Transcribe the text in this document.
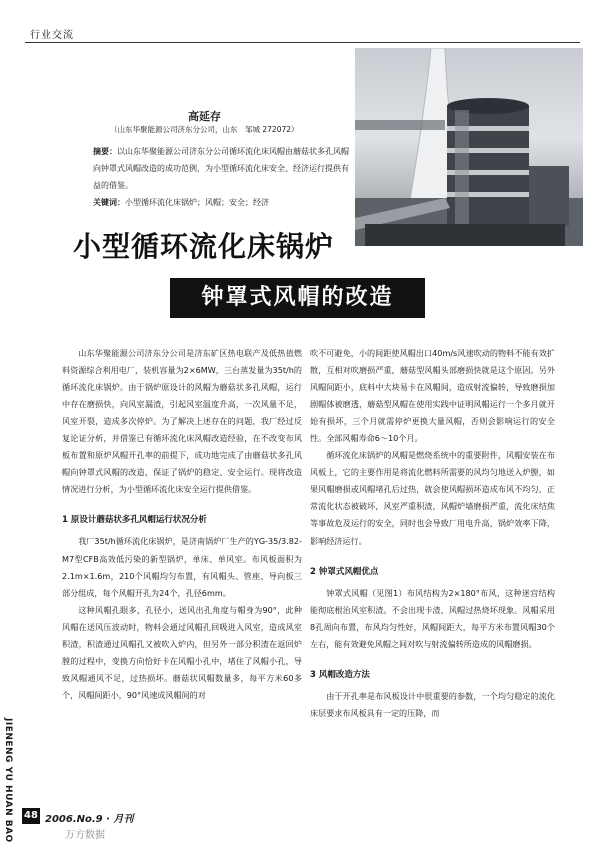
行业交流
高延存
（山东华聚能源公司济东分公司，山东　邹城 272072）
摘要：以山东华聚能源公司济东分公司循环流化床风帽由蘑菇状多孔风帽向钟罩式风帽改造的成功范例，为小型循环流化床安全、经济运行提供有益的借鉴。
关键词：小型循环流化床锅炉；风帽；安全；经济
小型循环流化床锅炉
钟罩式风帽的改造

山东华聚能源公司济东分公司是济东矿区热电联产及低热值燃料资源综合利用电厂，装机容量为2×6MW，三台蒸发量为35t/h的循环流化床锅炉。由于锅炉原设计的风帽为蘑菇状多孔风帽，运行中存在磨损快，向风室漏渣，引起风室温度升高，一次风量不足，风室开裂，造成多次停炉。为了解决上述存在的问题，我厂经过反复论证分析，并借鉴已有循环流化床风帽改造经验，在不改变布风板布置和原炉风帽开孔率的前提下，成功地完成了由蘑菇状多孔风帽向钟罩式风帽的改造，保证了锅炉的稳定、安全运行。现将改造情况进行分析，为小型循环流化床安全运行提供借鉴。

1 原设计蘑菇状多孔风帽运行状况分析

我厂35t/h循环流化床锅炉，是济南锅炉厂生产的YG-35/3.82-M7型CFB高效低污染的新型锅炉，单床、单风室。布风板面积为2.1m×1.6m，210个风帽均匀布置，有风帽头、管座、导向板三部分组成，每个风帽开孔为24个，孔径6mm。

这种风帽孔眼多，孔径小，送风出孔角度与帽身为90°，此种风帽在送风压波动时，物料会通过风帽孔回吸进入风室，造成风室积渣，积渣通过风帽孔又被吹入炉内，但另外一部分积渣在返回炉膛的过程中，变换方向恰好卡在风帽小孔中，堵住了风帽小孔，导致风帽通风不足，过热损坏。蘑菇状风帽数量多，每平方米60多个，风帽间距小，90°风速成风帽间的对

吹不可避免，小的间距使风帽出口40m/s风速吹动的物料不能有效扩散，互相对吹磨损严重，蘑菇型风帽头部磨损快就是这个原因。另外风帽间距小，底料中大块易卡在风帽间，造成射流偏转，导致磨损加剧帽体被磨透，蘑菇型风帽在使用实践中证明风帽运行一个多月就开始有损坏，三个月就需停炉更换大量风帽，否则会影响运行的安全性。全部风帽寿命6～10个月。

循环流化床锅炉的风帽是燃烧系统中的重要附件，风帽安装在布风板上，它的主要作用是将流化燃料所需要的风均匀地送入炉膛，如果风帽磨损或风帽堵孔后过热，就会使风帽损坏造成布风不均匀，正常流化状态被破坏，风室严重积渣，风帽炉墙磨损严重，流化床结焦等事故危及运行的安全，同时也会导致厂用电升高，锅炉效率下降，影响经济运行。

2 钟罩式风帽优点

钟罩式风帽（见图1）布风结构为2×180°布风，这种迷宫结构能彻底根治风室积渣。不会出现卡渣，风帽过热烧坏现象。风帽采用8孔周向布置，布风均匀性好，风帽间距大，每平方米布置风帽30个左右，能有效避免风帽之间对吹与射流偏转所造成的风帽磨损。

3 风帽改造方法

由于开孔率是布风板设计中很重要的参数，一个均匀稳定的流化床层要求布风板具有一定的压降，而

JIENENG YU HUAN BAO 48 2006.No.9 · 月刊
万方数据
